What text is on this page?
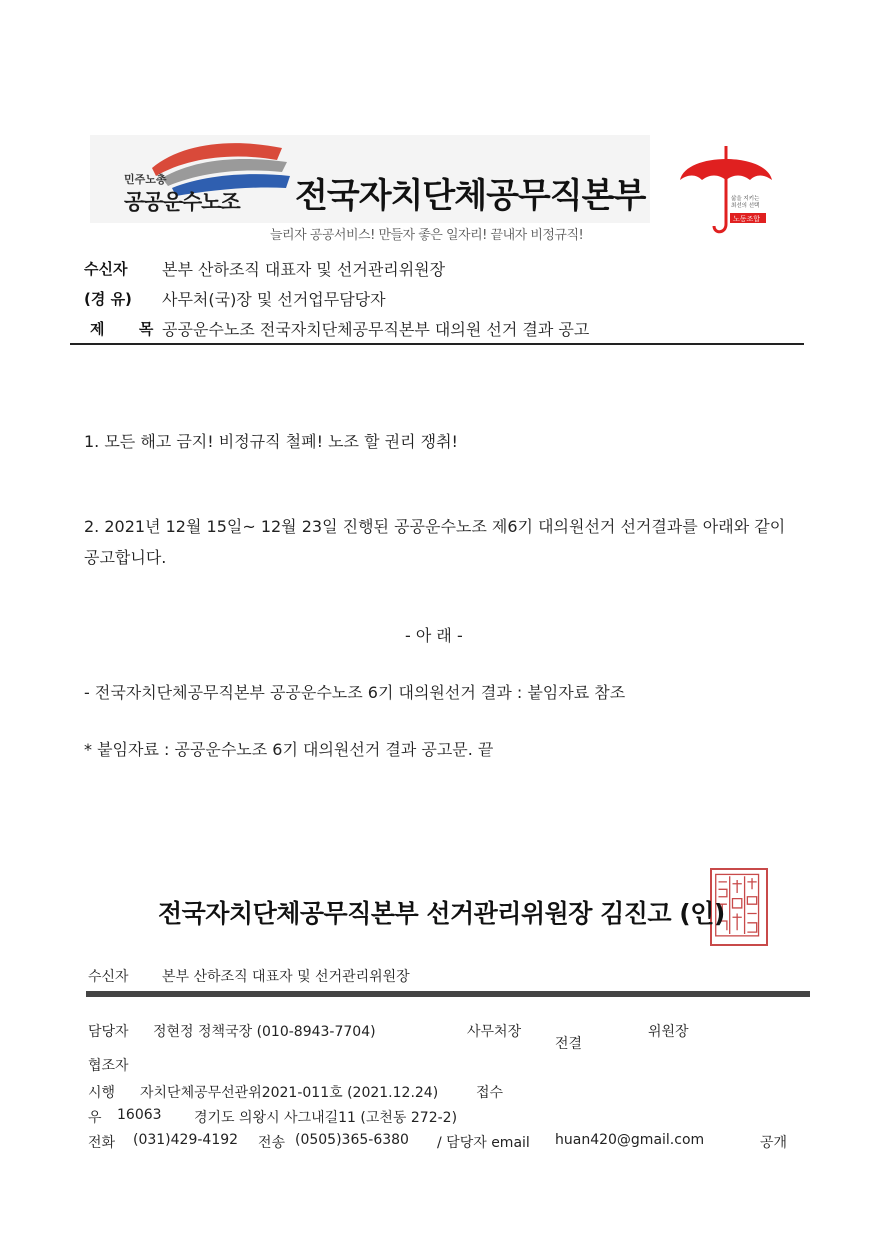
민주노총
공공운수노조 전국자치단체공무직본부
늘리자 공공서비스! 만들자 좋은 일자리! 끝내자 비정규직!
삶을 지키는
최선의 선택
노동조합
수신자 본부 산하조직 대표자 및 선거관리위원장
(경 유) 사무처(국)장 및 선거업무담당자
제  목 공공운수노조 전국자치단체공무직본부 대의원 선거 결과 공고
1. 모든 해고 금지! 비정규직 철폐! 노조 할 권리 쟁취!
2. 2021년 12월 15일~ 12월 23일 진행된 공공운수노조 제6기 대의원선거 선거결과를 아래와 같이 공고합니다.
- 아 래 -
- 전국자치단체공무직본부 공공운수노조 6기 대의원선거 결과 : 붙임자료 참조
* 붙임자료 : 공공운수노조 6기 대의원선거 결과 공고문. 끝
전국자치단체공무직본부 선거관리위원장 김진고 (인)
수신자 본부 산하조직 대표자 및 선거관리위원장
담당자 정현정 정책국장 (010-8943-7704)	사무처장
전결
위원장
협조자
시행 자치단체공무선관위2021-011호 (2021.12.24)	접수
우 16063 경기도 의왕시 사그내길11 (고천동 272-2)
전화 (031)429-4192 전송 (0505)365-6380 / 담당자 email huan420@gmail.com	공개
